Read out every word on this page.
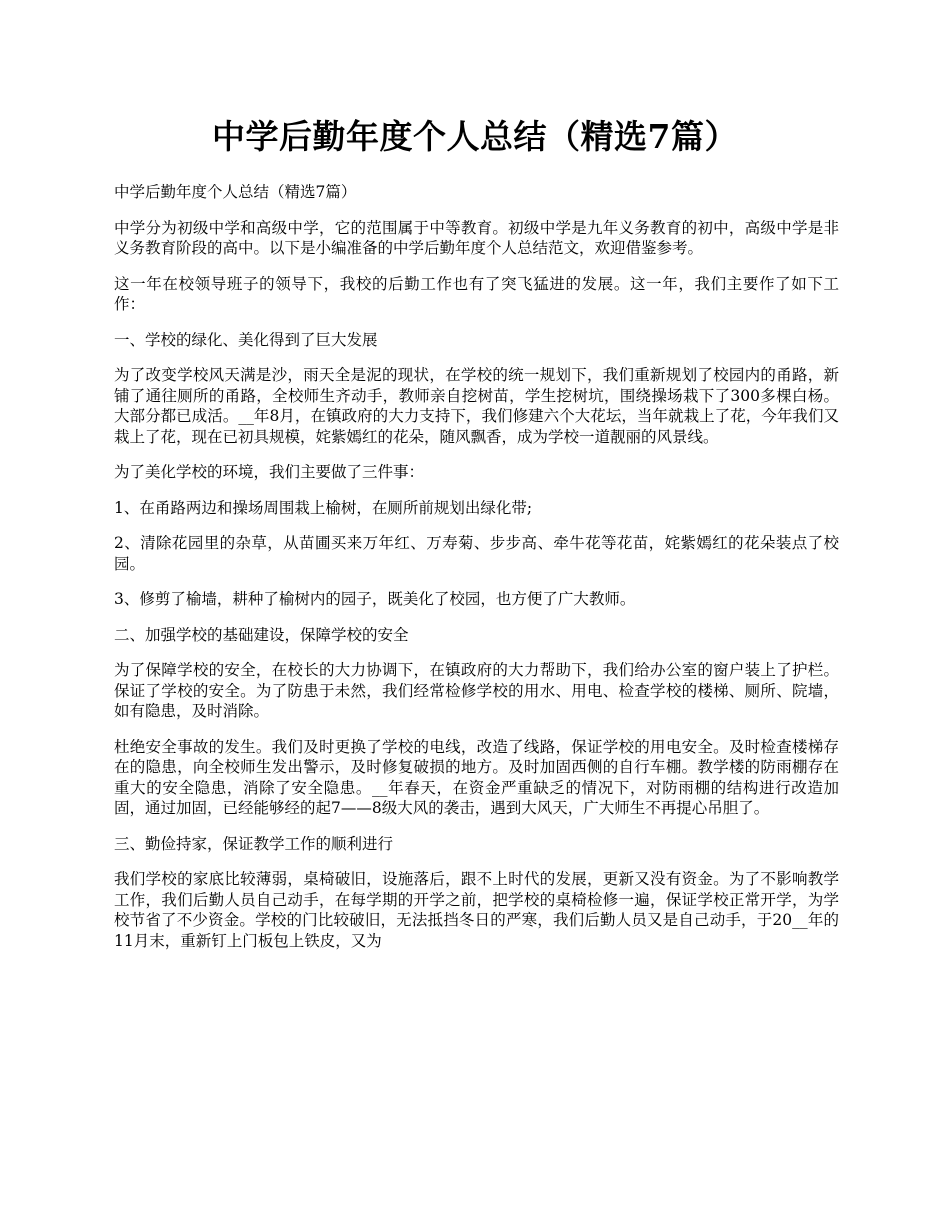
中学后勤年度个人总结（精选7篇）

中学后勤年度个人总结（精选7篇）

中学分为初级中学和高级中学，它的范围属于中等教育。初级中学是九年义务教育的初中，高级中学是非义务教育阶段的高中。以下是小编准备的中学后勤年度个人总结范文，欢迎借鉴参考。

这一年在校领导班子的领导下，我校的后勤工作也有了突飞猛进的发展。这一年，我们主要作了如下工作：

一、学校的绿化、美化得到了巨大发展

为了改变学校风天满是沙，雨天全是泥的现状，在学校的统一规划下，我们重新规划了校园内的甬路，新铺了通往厕所的甬路，全校师生齐动手，教师亲自挖树苗，学生挖树坑，围绕操场栽下了300多棵白杨。大部分都已成活。__年8月，在镇政府的大力支持下，我们修建六个大花坛，当年就栽上了花，今年我们又栽上了花，现在已初具规模，姹紫嫣红的花朵，随风飘香，成为学校一道靓丽的风景线。

为了美化学校的环境，我们主要做了三件事：

1、在甬路两边和操场周围栽上榆树，在厕所前规划出绿化带;

2、清除花园里的杂草，从苗圃买来万年红、万寿菊、步步高、牵牛花等花苗，姹紫嫣红的花朵装点了校园。

3、修剪了榆墙，耕种了榆树内的园子，既美化了校园，也方便了广大教师。

二、加强学校的基础建设，保障学校的安全

为了保障学校的安全，在校长的大力协调下，在镇政府的大力帮助下，我们给办公室的窗户装上了护栏。保证了学校的安全。为了防患于未然，我们经常检修学校的用水、用电、检查学校的楼梯、厕所、院墙，如有隐患，及时消除。

杜绝安全事故的发生。我们及时更换了学校的电线，改造了线路，保证学校的用电安全。及时检查楼梯存在的隐患，向全校师生发出警示，及时修复破损的地方。及时加固西侧的自行车棚。教学楼的防雨棚存在重大的安全隐患，消除了安全隐患。__年春天，在资金严重缺乏的情况下，对防雨棚的结构进行改造加固，通过加固，已经能够经的起7——8级大风的袭击，遇到大风天，广大师生不再提心吊胆了。

三、勤俭持家，保证教学工作的顺利进行

我们学校的家底比较薄弱，桌椅破旧，设施落后，跟不上时代的发展，更新又没有资金。为了不影响教学工作，我们后勤人员自己动手，在每学期的开学之前，把学校的桌椅检修一遍，保证学校正常开学，为学校节省了不少资金。学校的门比较破旧，无法抵挡冬日的严寒，我们后勤人员又是自己动手，于20__年的11月末，重新钉上门板包上铁皮，又为
